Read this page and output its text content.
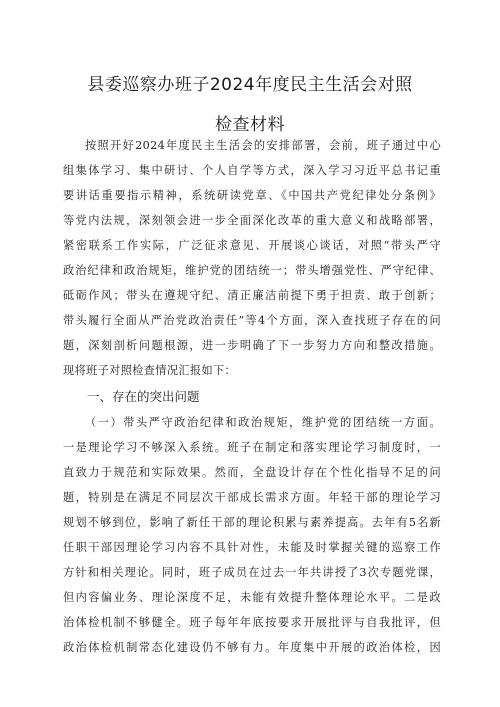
县委巡察办班子2024年度民主生活会对照
检查材料
按照开好2024年度民主生活会的安排部署，会前，班子通过中心
组集体学习、集中研讨、个人自学等方式，深入学习习近平总书记重
要讲话重要指示精神，系统研读党章、《中国共产党纪律处分条例》
等党内法规，深刻领会进一步全面深化改革的重大意义和战略部署，
紧密联系工作实际，广泛征求意见、开展谈心谈话，对照“带头严守
政治纪律和政治规矩，维护党的团结统一；带头增强党性、严守纪律、
砥砺作风；带头在遵规守纪、清正廉洁前提下勇于担责、敢于创新；
带头履行全面从严治党政治责任”等4个方面，深入查找班子存在的问
题，深刻剖析问题根源，进一步明确了下一步努力方向和整改措施。
现将班子对照检查情况汇报如下：
一、存在的突出问题
（一）带头严守政治纪律和政治规矩，维护党的团结统一方面。
一是理论学习不够深入系统。班子在制定和落实理论学习制度时，一
直致力于规范和实际效果。然而，全盘设计存在个性化指导不足的问
题，特别是在满足不同层次干部成长需求方面。年轻干部的理论学习
规划不够到位，影响了新任干部的理论积累与素养提高。去年有5名新
任职干部因理论学习内容不具针对性，未能及时掌握关键的巡察工作
方针和相关理论。同时，班子成员在过去一年共讲授了3次专题党课，
但内容偏业务、理论深度不足，未能有效提升整体理论水平。二是政
治体检机制不够健全。班子每年年底按要求开展批评与自我批评，但
政治体检机制常态化建设仍不够有力。年度集中开展的政治体检，因
